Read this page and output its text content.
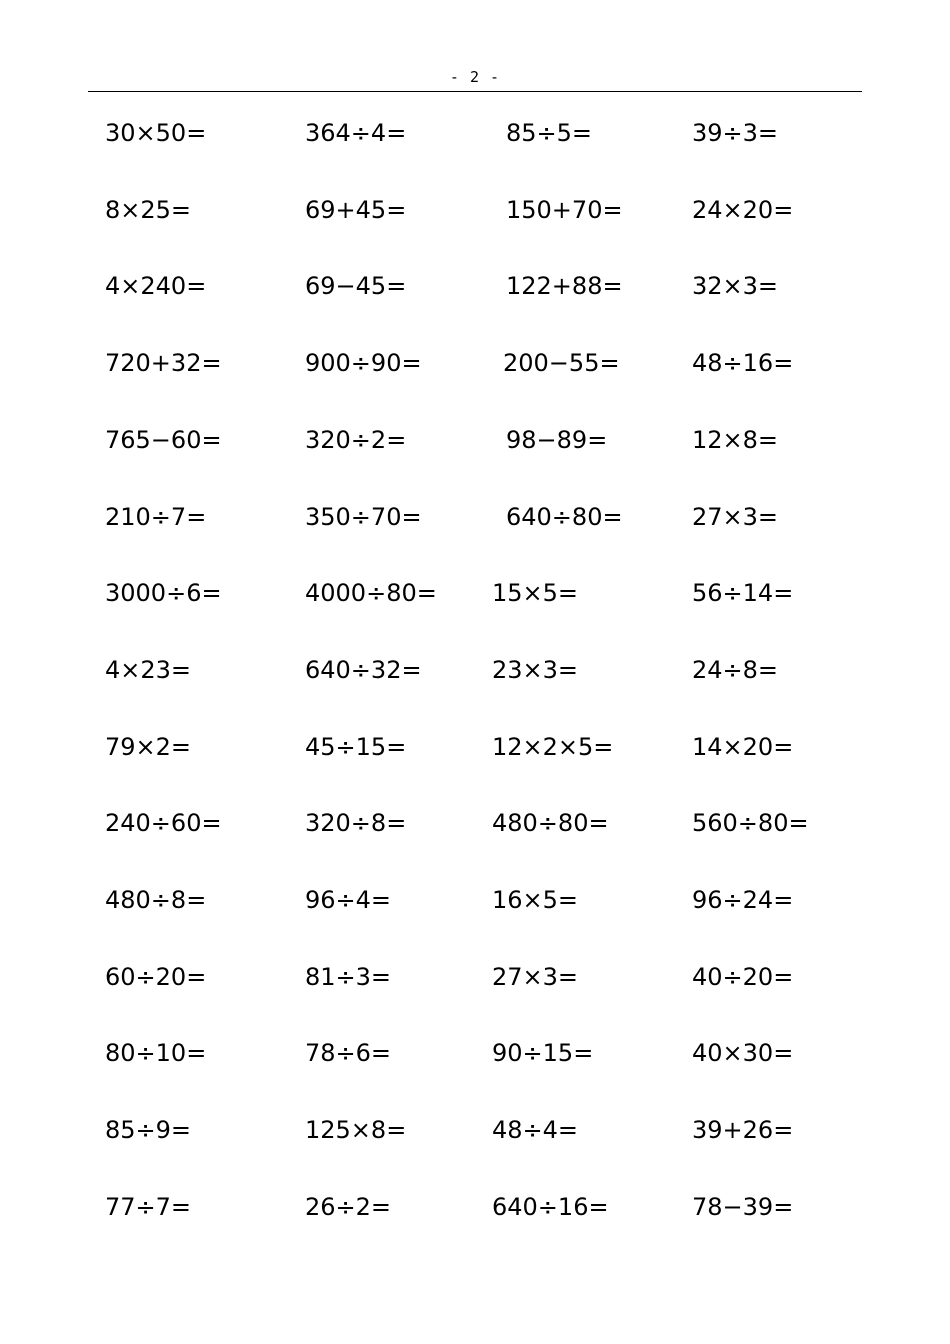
- 2 -
30×50=	364÷4=	85÷5=	39÷3=
8×25=	69+45=	150+70=	24×20=
4×240=	69−45=	122+88=	32×3=
720+32=	900÷90=	200−55=	48÷16=
765−60=	320÷2=	98−89=	12×8=
210÷7=	350÷70=	640÷80=	27×3=
3000÷6=	4000÷80= 15×5=	56÷14=
4×23=	640÷32=	23×3=	24÷8=
79×2=	45÷15=	12×2×5=	14×20=
240÷60=	320÷8=	480÷80=	560÷80=
480÷8=	96÷4=	16×5=	96÷24=
60÷20=	81÷3=	27×3=	40÷20=
80÷10=	78÷6=	90÷15=	40×30=
85÷9=	125×8=	48÷4=	39+26=
77÷7=	26÷2=	640÷16=	78−39=
